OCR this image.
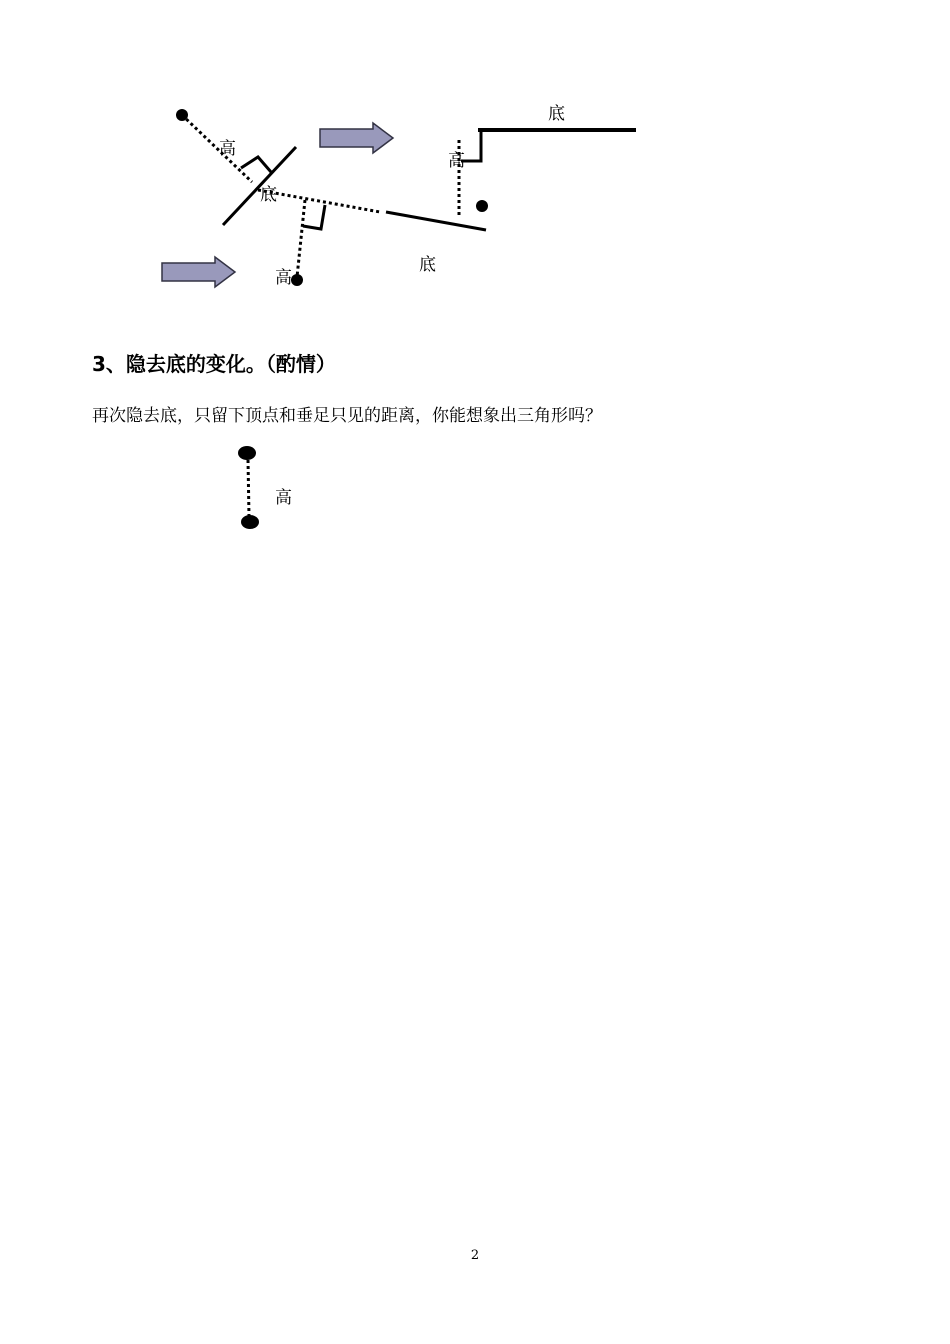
高
底
高
底
高
底
3、隐去底的变化。（酌情）

再次隐去底，只留下顶点和垂足只见的距离，你能想象出三角形吗？

高
2
